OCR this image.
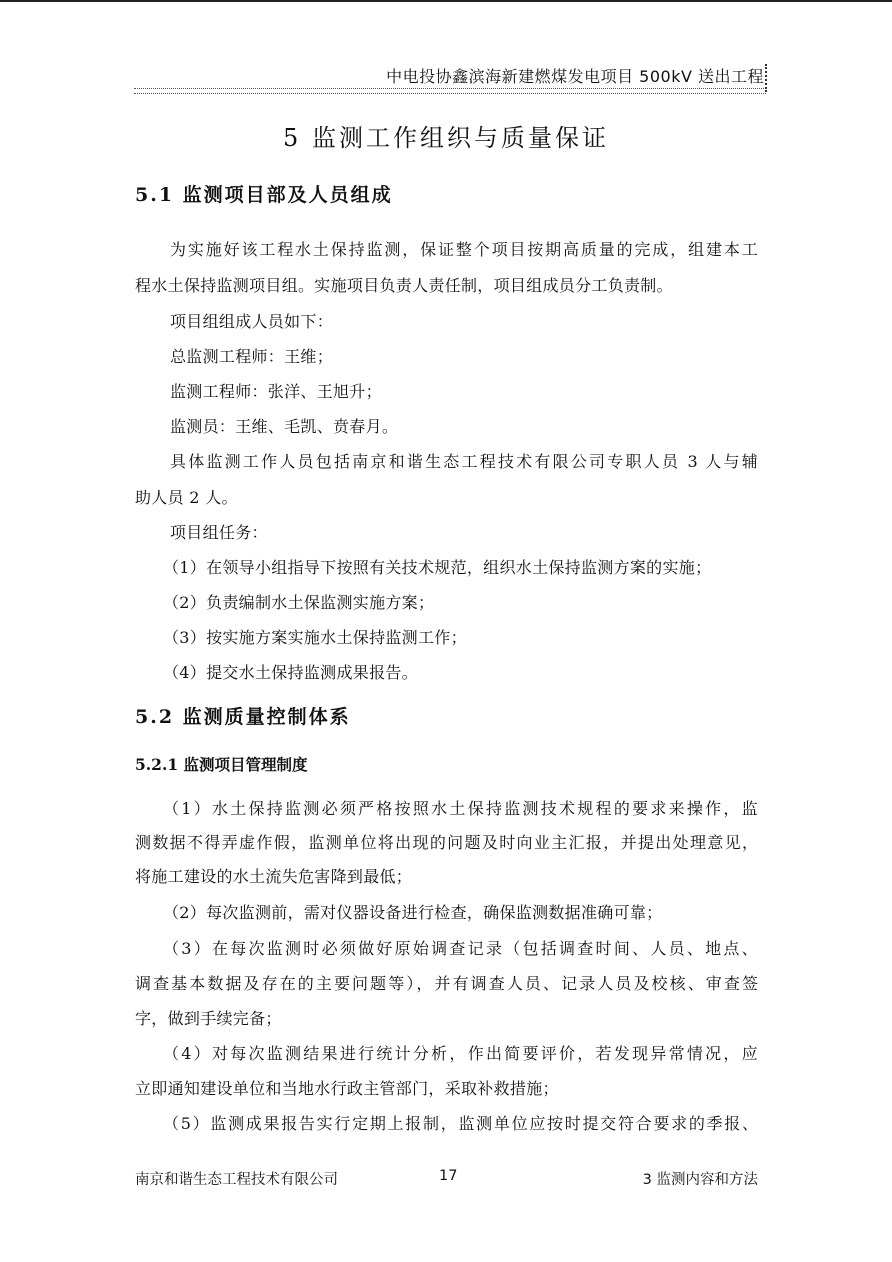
中电投协鑫滨海新建燃煤发电项目 500kV 送出工程
5 监测工作组织与质量保证
5.1 监测项目部及人员组成
为实施好该工程水土保持监测，保证整个项目按期高质量的完成，组建本工
程水土保持监测项目组。实施项目负责人责任制，项目组成员分工负责制。
项目组组成人员如下：
总监测工程师：王维；
监测工程师：张洋、王旭升；
监测员：王维、毛凯、贲春月。
具体监测工作人员包括南京和谐生态工程技术有限公司专职人员 3 人与辅
助人员 2 人。
项目组任务：
（1）在领导小组指导下按照有关技术规范，组织水土保持监测方案的实施；
（2）负责编制水土保监测实施方案；
（3）按实施方案实施水土保持监测工作；
（4）提交水土保持监测成果报告。
5.2 监测质量控制体系
5.2.1 监测项目管理制度
（1）水土保持监测必须严格按照水土保持监测技术规程的要求来操作，监
测数据不得弄虚作假，监测单位将出现的问题及时向业主汇报，并提出处理意见，
将施工建设的水土流失危害降到最低；
（2）每次监测前，需对仪器设备进行检查，确保监测数据准确可靠；
（3）在每次监测时必须做好原始调查记录（包括调查时间、人员、地点、
调查基本数据及存在的主要问题等），并有调查人员、记录人员及校核、审查签
字，做到手续完备；
（4）对每次监测结果进行统计分析，作出简要评价，若发现异常情况，应
立即通知建设单位和当地水行政主管部门，采取补救措施；
（5）监测成果报告实行定期上报制，监测单位应按时提交符合要求的季报、
南京和谐生态工程技术有限公司	17	3 监测内容和方法
